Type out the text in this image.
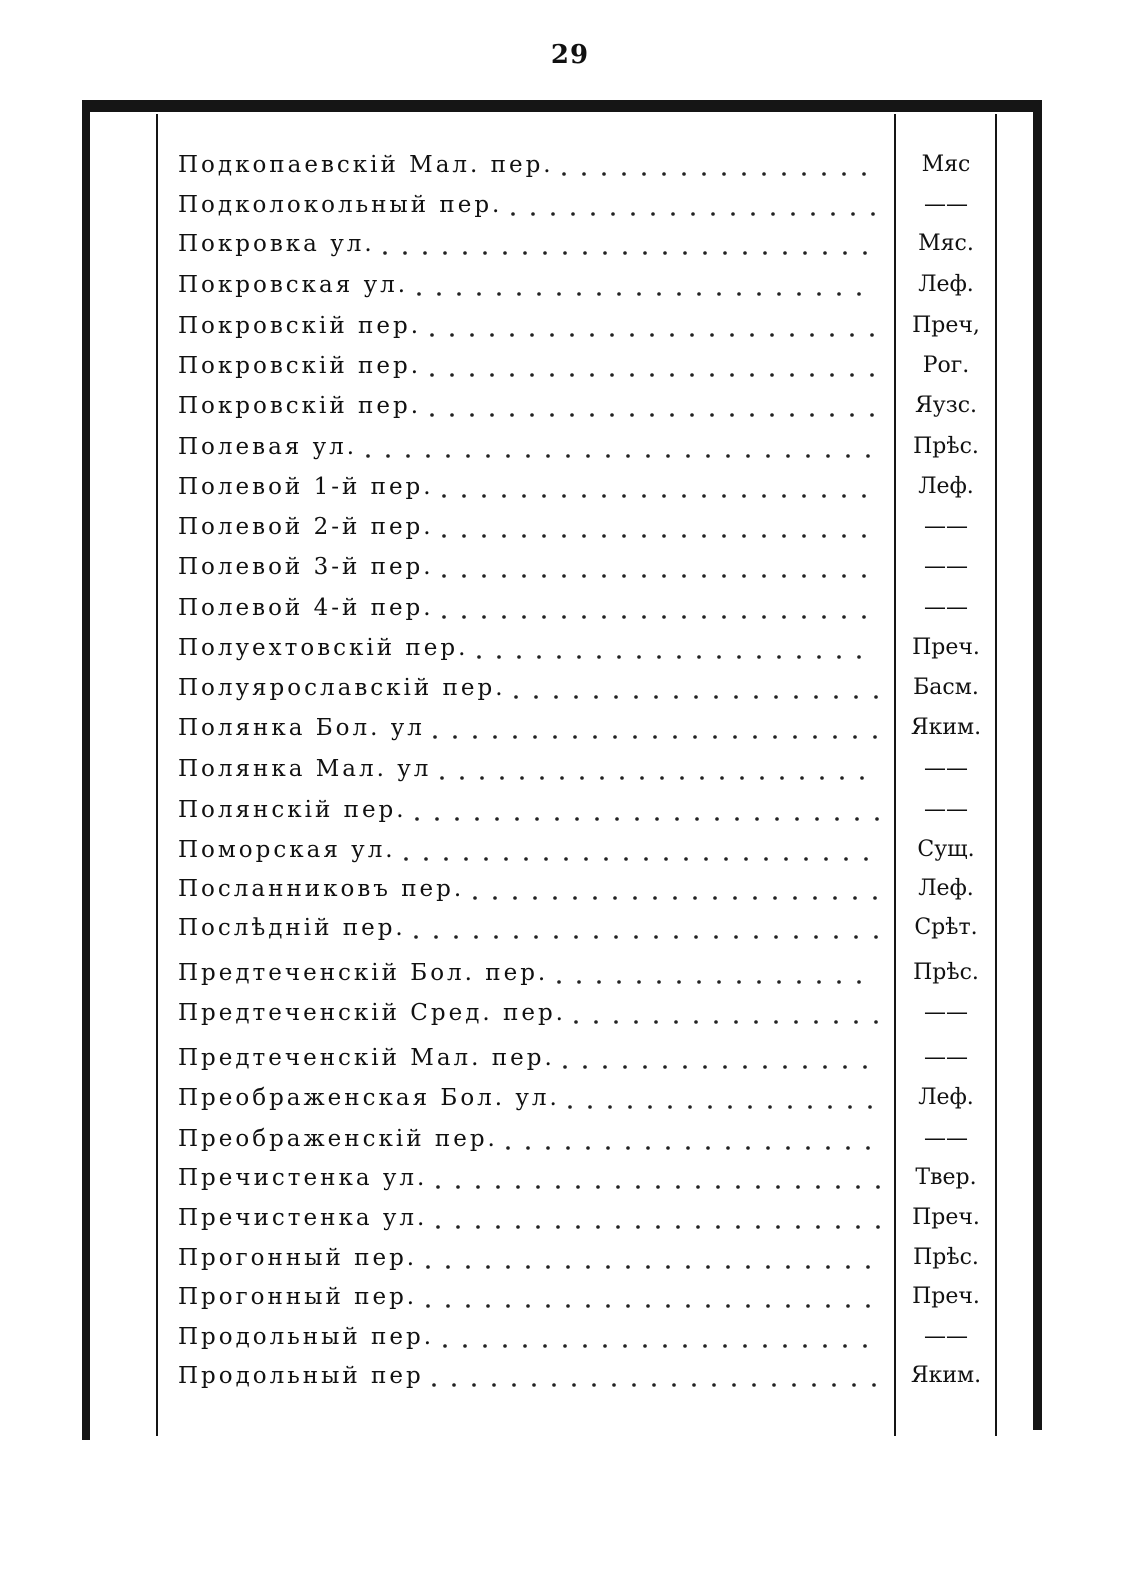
29
Подкопаевскій Мал. пер.	Мяс
Подколокольный пер.	——
Покровка ул.	Мяс.
Покровская ул.	Леф.
Покровскій пер.	Преч,
Покровскій пер.	Рог.
Покровскій пер.	Яузс.
Полевая ул.	Прѣс.
Полевой 1-й пер.	Леф.
Полевой 2-й пер.	——
Полевой 3-й пер.	——
Полевой 4-й пер.	——
Полуехтовскій пер.	Преч.
Полуярославскій пер.	Басм.
Полянка Бол. ул	Яким.
Полянка Мал. ул	——
Полянскій пер.	——
Поморская ул.	Сущ.
Посланниковъ пер.	Леф.
Послѣдній пер.	Срѣт.
Предтеченскій Бол. пер.	Прѣс.
Предтеченскій Сред. пер.	——
Предтеченскій Мал. пер.	——
Преображенская Бол. ул.	Леф.
Преображенскій пер.	——
Пречистенка ул.	Твер.
Пречистенка ул.	Преч.
Прогонный пер.	Прѣс.
Прогонный пер.	Преч.
Продольный пер.	——
Продольный пер	Яким.
